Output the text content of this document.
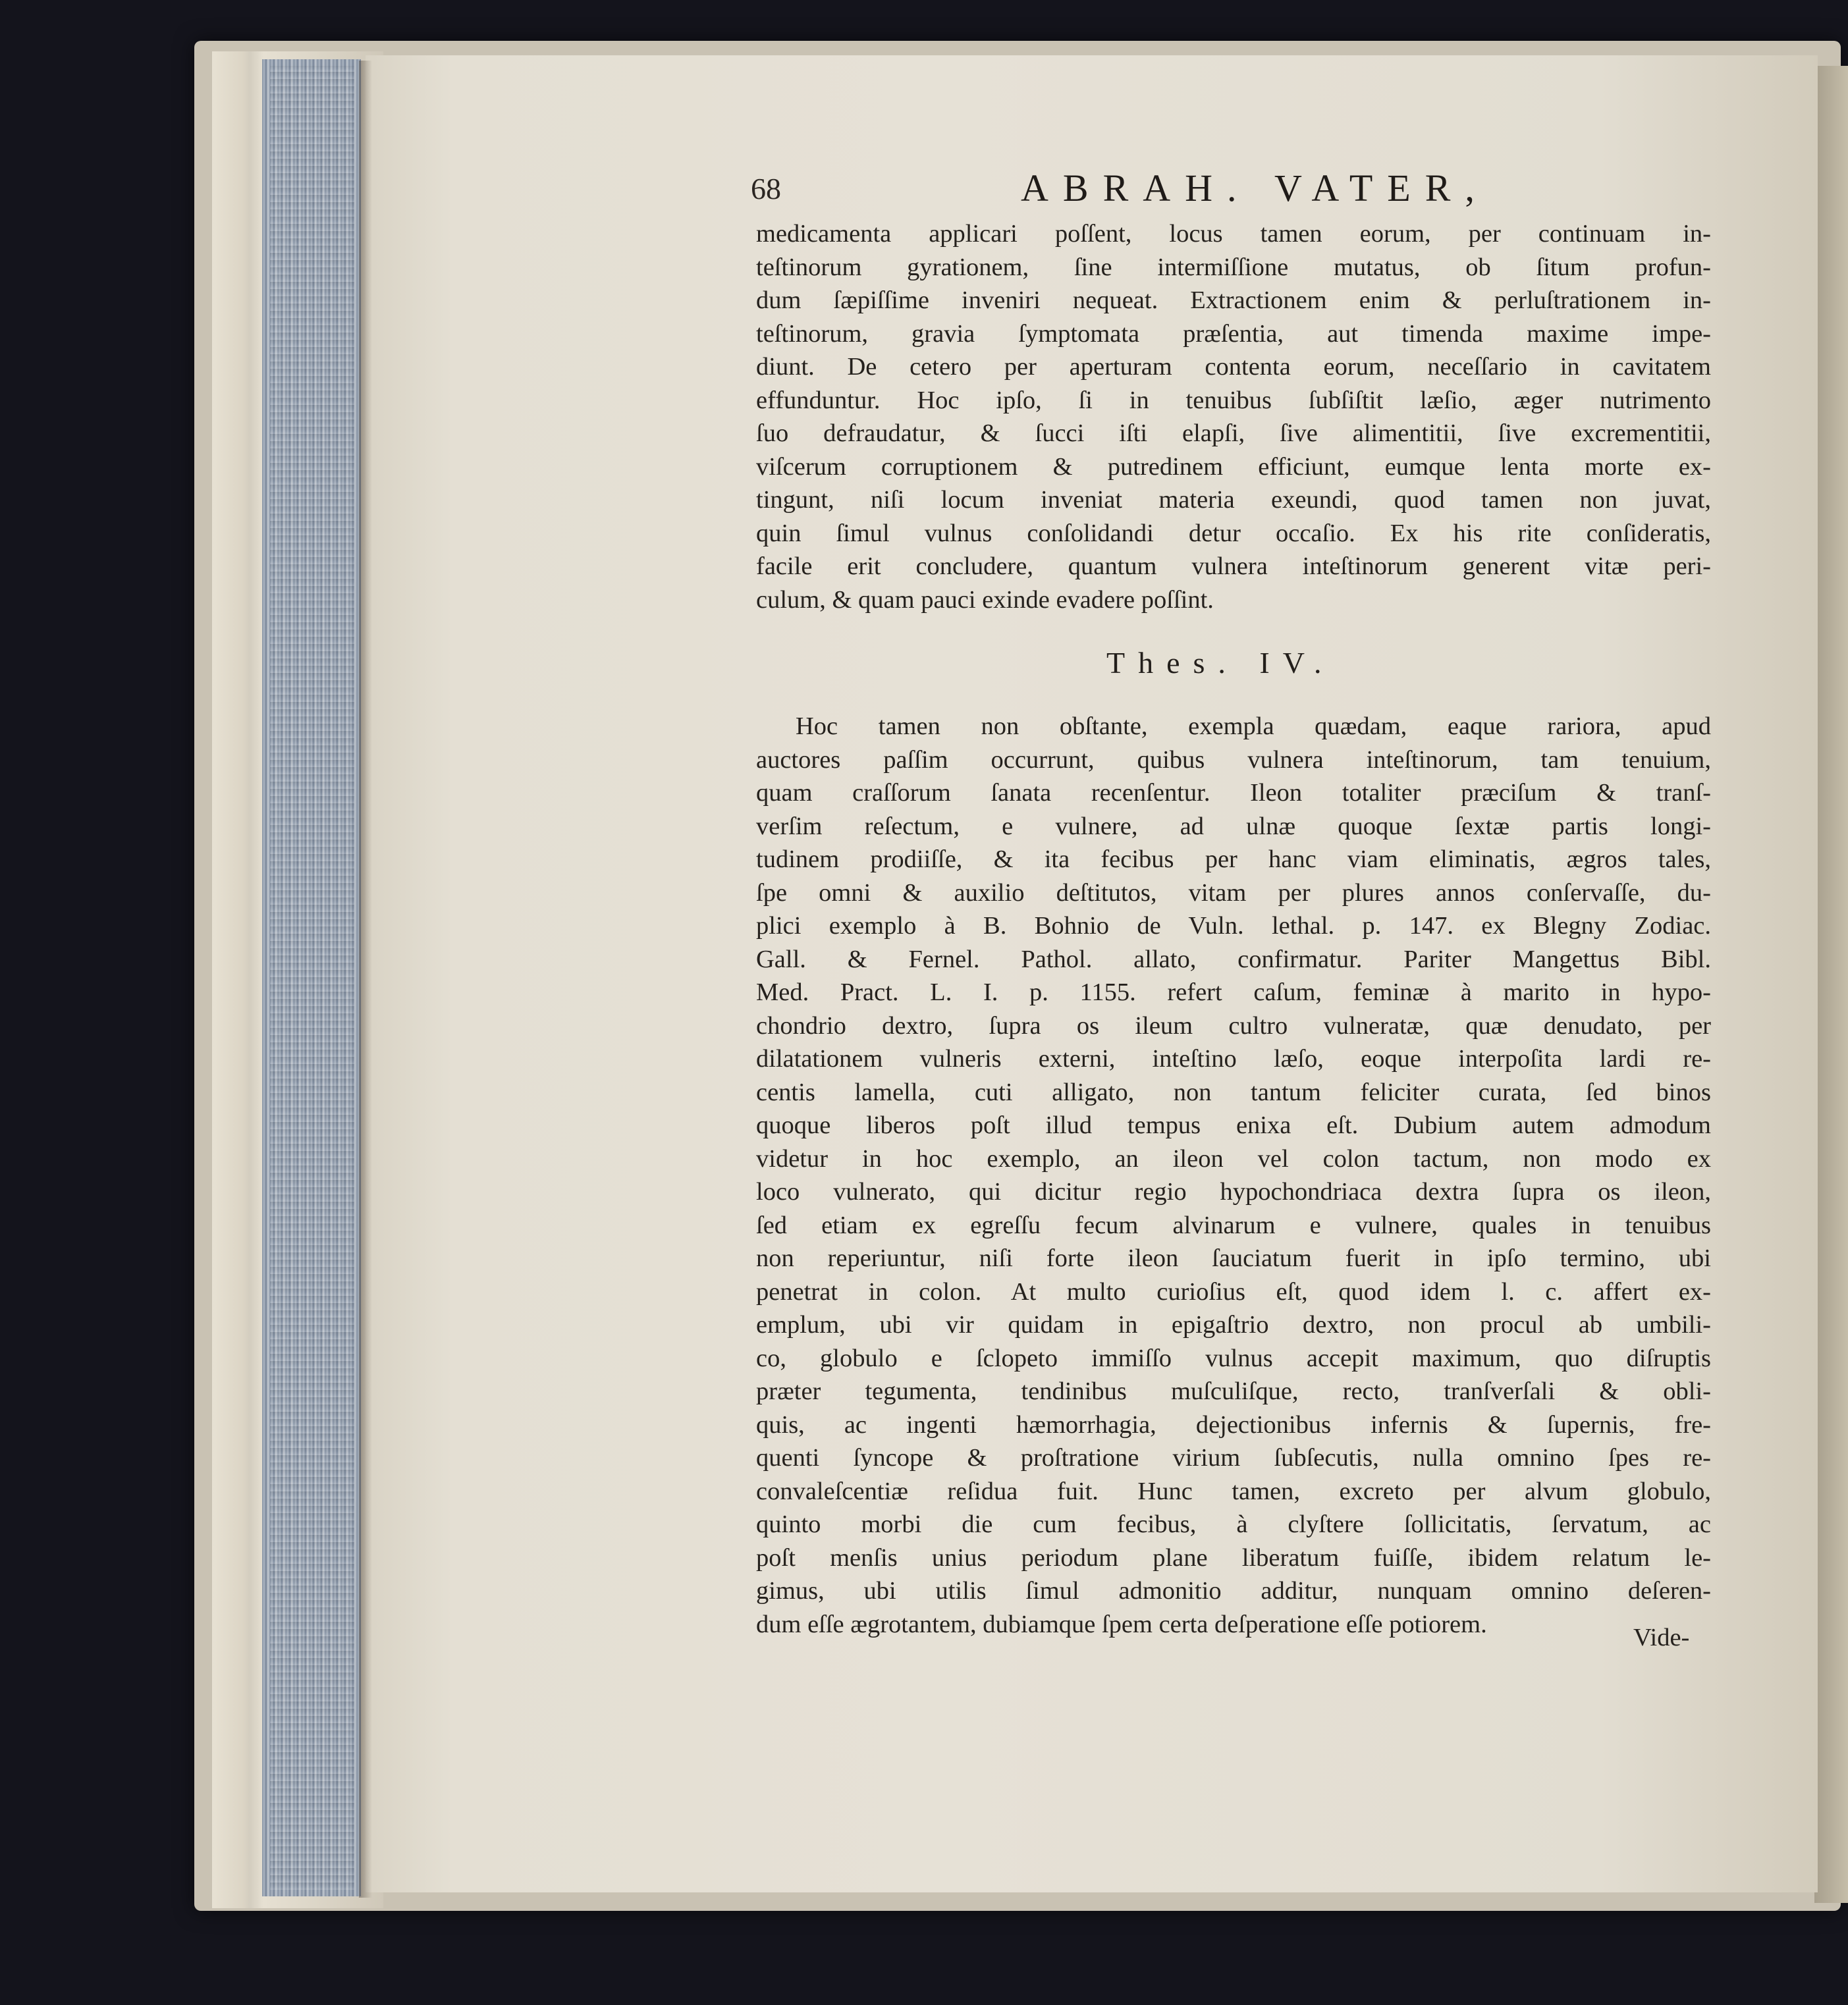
68	ABRAH. VATER,
medicamenta applicari poſſent, locus tamen eorum, per continuam in-
teſtinorum gyrationem, ſine intermiſſione mutatus, ob ſitum profun-
dum ſæpiſſime inveniri nequeat. Extractionem enim & perluſtrationem in-
teſtinorum, gravia ſymptomata præſentia, aut timenda maxime impe-
diunt. De cetero per aperturam contenta eorum, neceſſario in cavitatem
effunduntur. Hoc ipſo, ſi in tenuibus ſubſiſtit læſio, æger nutrimento
ſuo defraudatur, & ſucci iſti elapſi, ſive alimentitii, ſive excrementitii,
viſcerum corruptionem & putredinem efficiunt, eumque lenta morte ex-
tingunt, niſi locum inveniat materia exeundi, quod tamen non juvat,
quin ſimul vulnus conſolidandi detur occaſio. Ex his rite conſideratis,
facile erit concludere, quantum vulnera inteſtinorum generent vitæ peri-
culum, & quam pauci exinde evadere poſſint.
Thes. IV.
Hoc tamen non obſtante, exempla quædam, eaque rariora, apud
auctores paſſim occurrunt, quibus vulnera inteſtinorum, tam tenuium,
quam craſſorum ſanata recenſentur. Ileon totaliter præciſum & tranſ-
verſim reſectum, e vulnere, ad ulnæ quoque ſextæ partis longi-
tudinem prodiiſſe, & ita fecibus per hanc viam eliminatis, ægros tales,
ſpe omni & auxilio deſtitutos, vitam per plures annos conſervaſſe, du-
plici exemplo à B. Bohnio de Vuln. lethal. p. 147. ex Blegny Zodiac.
Gall. & Fernel. Pathol. allato, confirmatur. Pariter Mangettus Bibl.
Med. Pract. L. I. p. 1155. refert caſum, feminæ à marito in hypo-
chondrio dextro, ſupra os ileum cultro vulneratæ, quæ denudato, per
dilatationem vulneris externi, inteſtino læſo, eoque interpoſita lardi re-
centis lamella, cuti alligato, non tantum feliciter curata, ſed binos
quoque liberos poſt illud tempus enixa eſt. Dubium autem admodum
videtur in hoc exemplo, an ileon vel colon tactum, non modo ex
loco vulnerato, qui dicitur regio hypochondriaca dextra ſupra os ileon,
ſed etiam ex egreſſu fecum alvinarum e vulnere, quales in tenuibus
non reperiuntur, niſi forte ileon ſauciatum fuerit in ipſo termino, ubi
penetrat in colon. At multo curioſius eſt, quod idem l. c. affert ex-
emplum, ubi vir quidam in epigaſtrio dextro, non procul ab umbili-
co, globulo e ſclopeto immiſſo vulnus accepit maximum, quo diſruptis
præter tegumenta, tendinibus muſculiſque, recto, tranſverſali & obli-
quis, ac ingenti hæmorrhagia, dejectionibus infernis & ſupernis, fre-
quenti ſyncope & proſtratione virium ſubſecutis, nulla omnino ſpes re-
convaleſcentiæ reſidua fuit. Hunc tamen, excreto per alvum globulo,
quinto morbi die cum fecibus, à clyſtere ſollicitatis, ſervatum, ac
poſt menſis unius periodum plane liberatum fuiſſe, ibidem relatum le-
gimus, ubi utilis ſimul admonitio additur, nunquam omnino deſeren-
dum eſſe ægrotantem, dubiamque ſpem certa deſperatione eſſe potiorem.	Vide-
